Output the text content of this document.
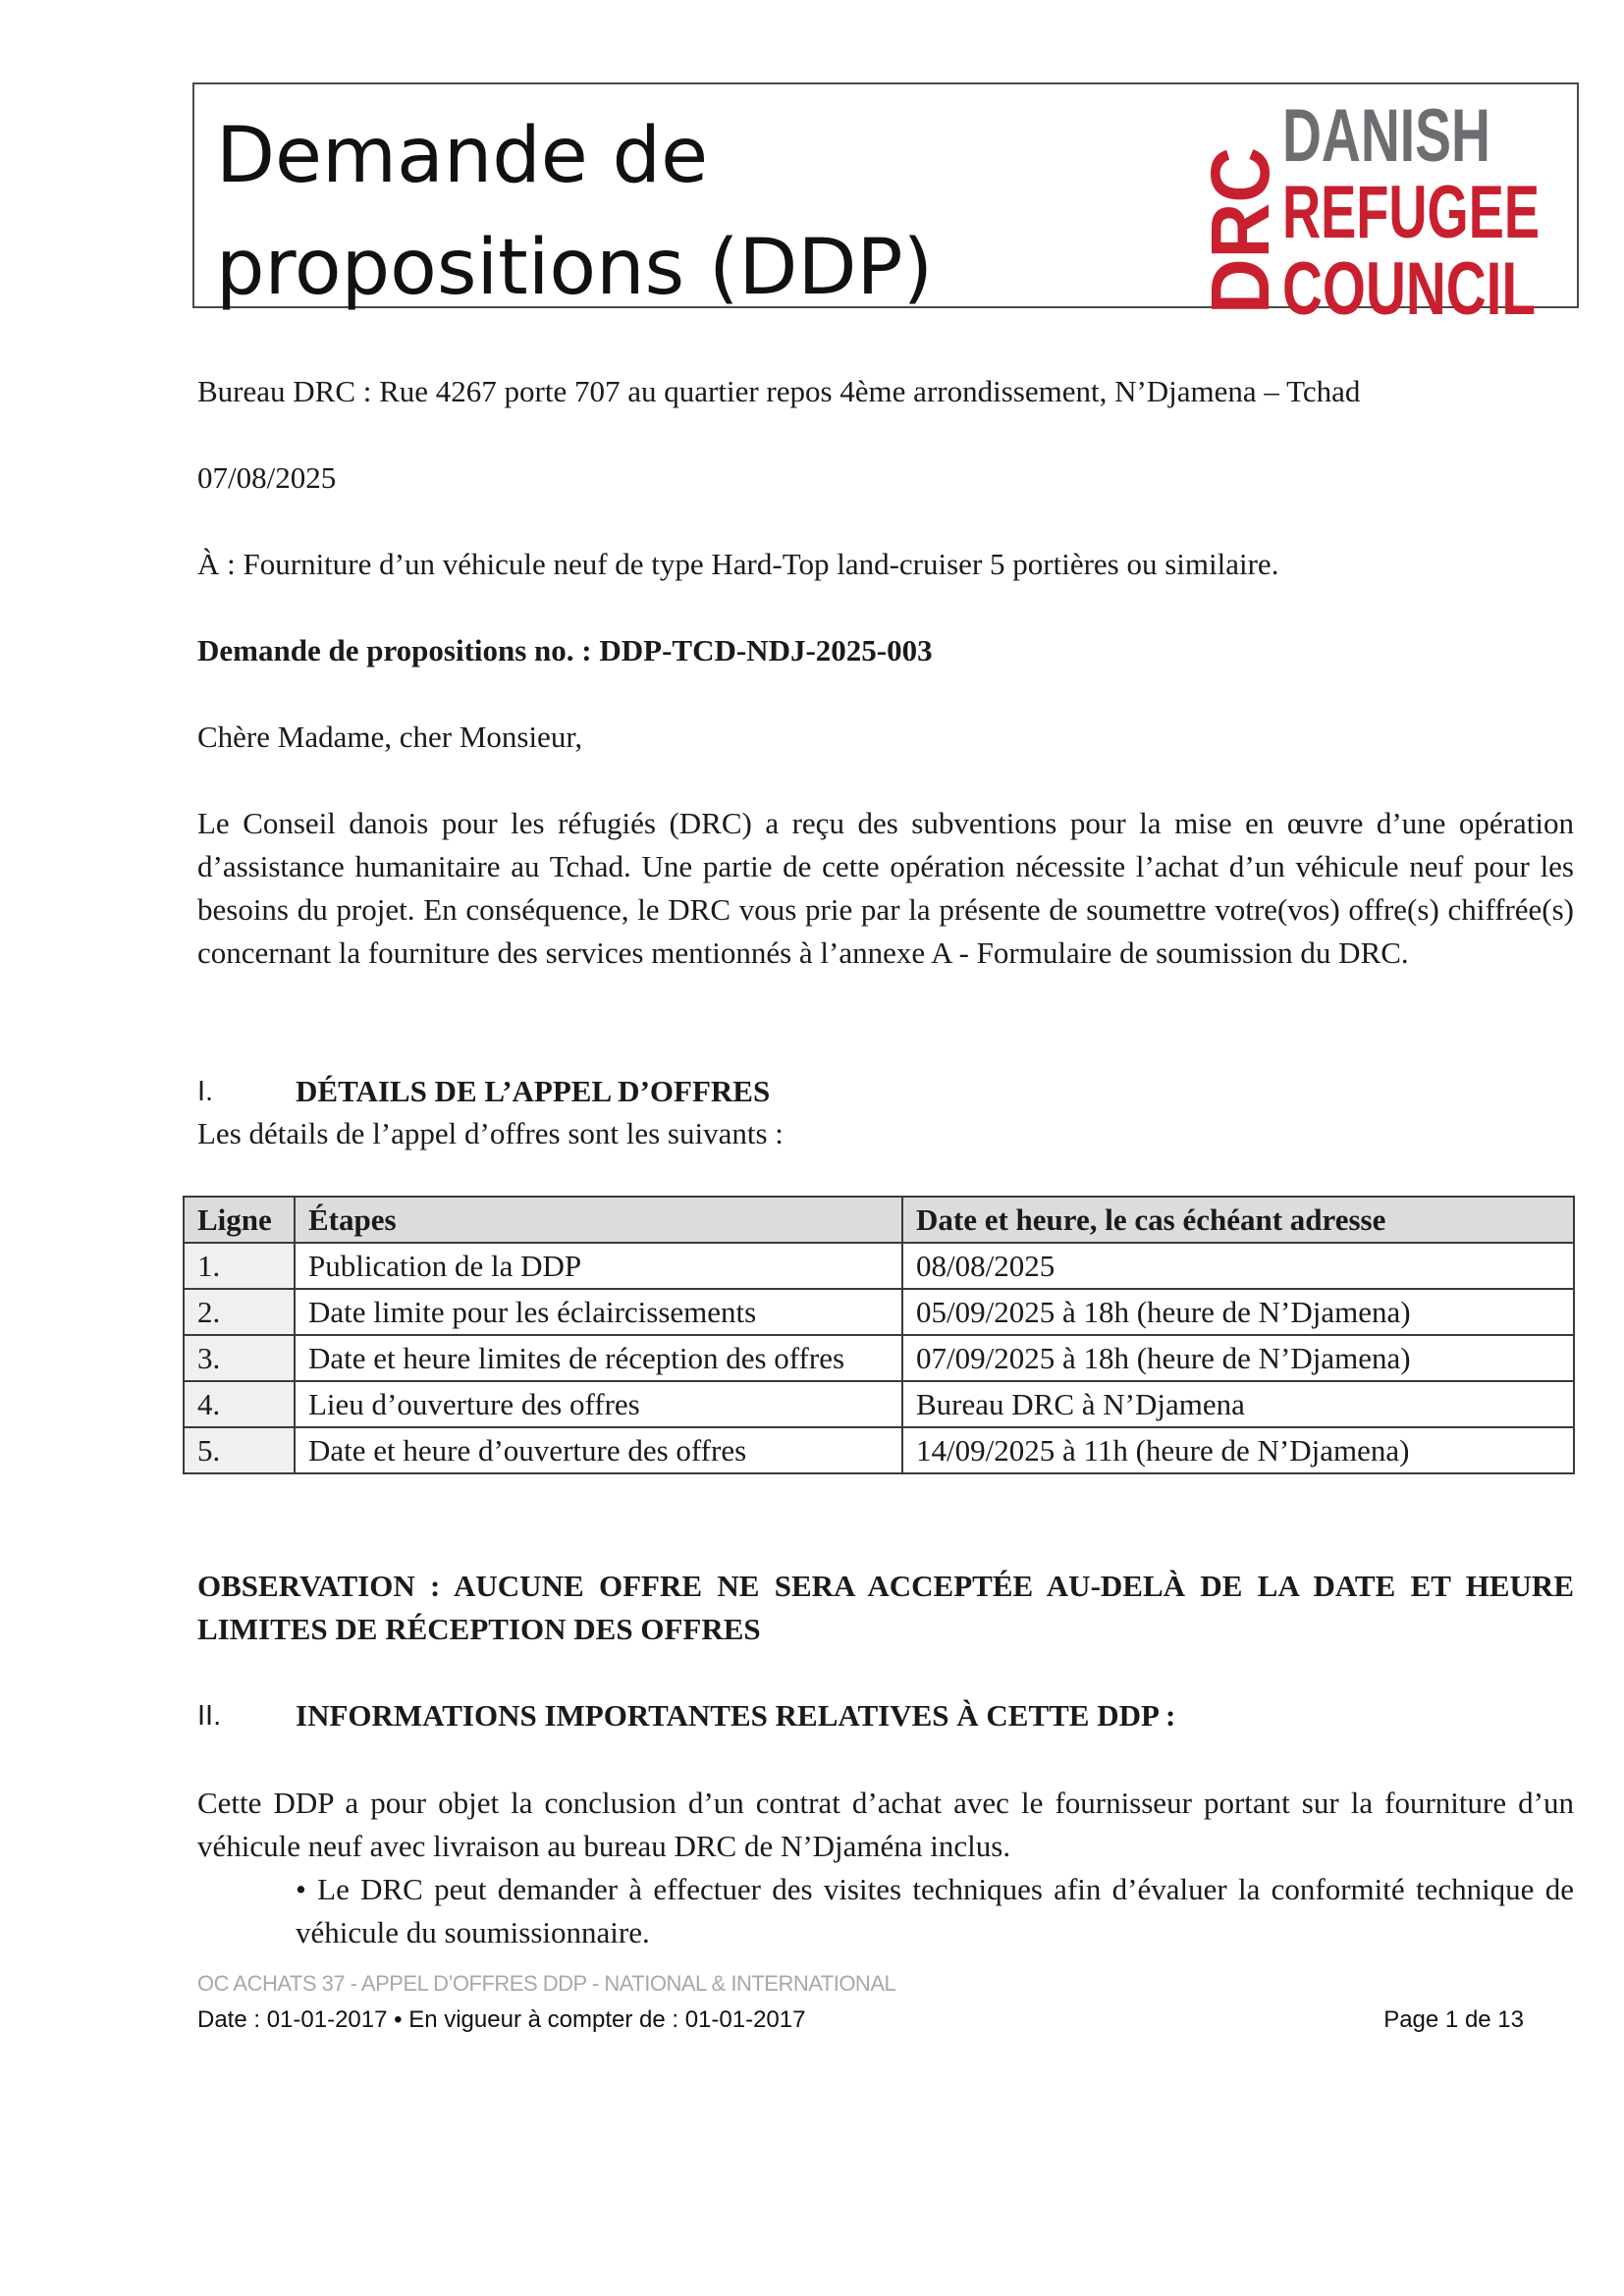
Demande de
propositions (DDP)	DRC
DANISH
REFUGEE
COUNCIL

Bureau DRC : Rue 4267 porte 707 au quartier repos 4ème arrondissement, N’Djamena – Tchad

07/08/2025

À : Fourniture d’un véhicule neuf de type Hard-Top land-cruiser 5 portières ou similaire.

Demande de propositions no. : DDP-TCD-NDJ-2025-003

Chère Madame, cher Monsieur,

Le Conseil danois pour les réfugiés (DRC) a reçu des subventions pour la mise en œuvre d’une opération d’assistance humanitaire au Tchad. Une partie de cette opération nécessite l’achat d’un véhicule neuf pour les besoins du projet. En conséquence, le DRC vous prie par la présente de soumettre votre(vos) offre(s) chiffrée(s) concernant la fourniture des services mentionnés à l’annexe A - Formulaire de soumission du DRC.

I.	DÉTAILS DE L’APPEL D’OFFRES

Les détails de l’appel d’offres sont les suivants :

Ligne	Étapes	Date et heure, le cas échéant adresse
1.	Publication de la DDP	08/08/2025
2.	Date limite pour les éclaircissements	05/09/2025 à 18h (heure de N’Djamena)
3.	Date et heure limites de réception des offres	07/09/2025 à 18h (heure de N’Djamena)
4.	Lieu d’ouverture des offres	Bureau DRC à N’Djamena
5.	Date et heure d’ouverture des offres	14/09/2025 à 11h (heure de N’Djamena)

OBSERVATION : AUCUNE OFFRE NE SERA ACCEPTÉE AU-DELÀ DE LA DATE ET HEURE LIMITES DE RÉCEPTION DES OFFRES

II. INFORMATIONS IMPORTANTES RELATIVES À CETTE DDP :

Cette DDP a pour objet la conclusion d’un contrat d’achat avec le fournisseur portant sur la fourniture d’un véhicule neuf avec livraison au bureau DRC de N’Djaména inclus.

• Le DRC peut demander à effectuer des visites techniques afin d’évaluer la conformité technique de véhicule du soumissionnaire.

OC ACHATS 37 - APPEL D’OFFRES DDP - NATIONAL & INTERNATIONAL
Date : 01-01-2017 • En vigueur à compter de : 01-01-2017	Page 1 de 13
